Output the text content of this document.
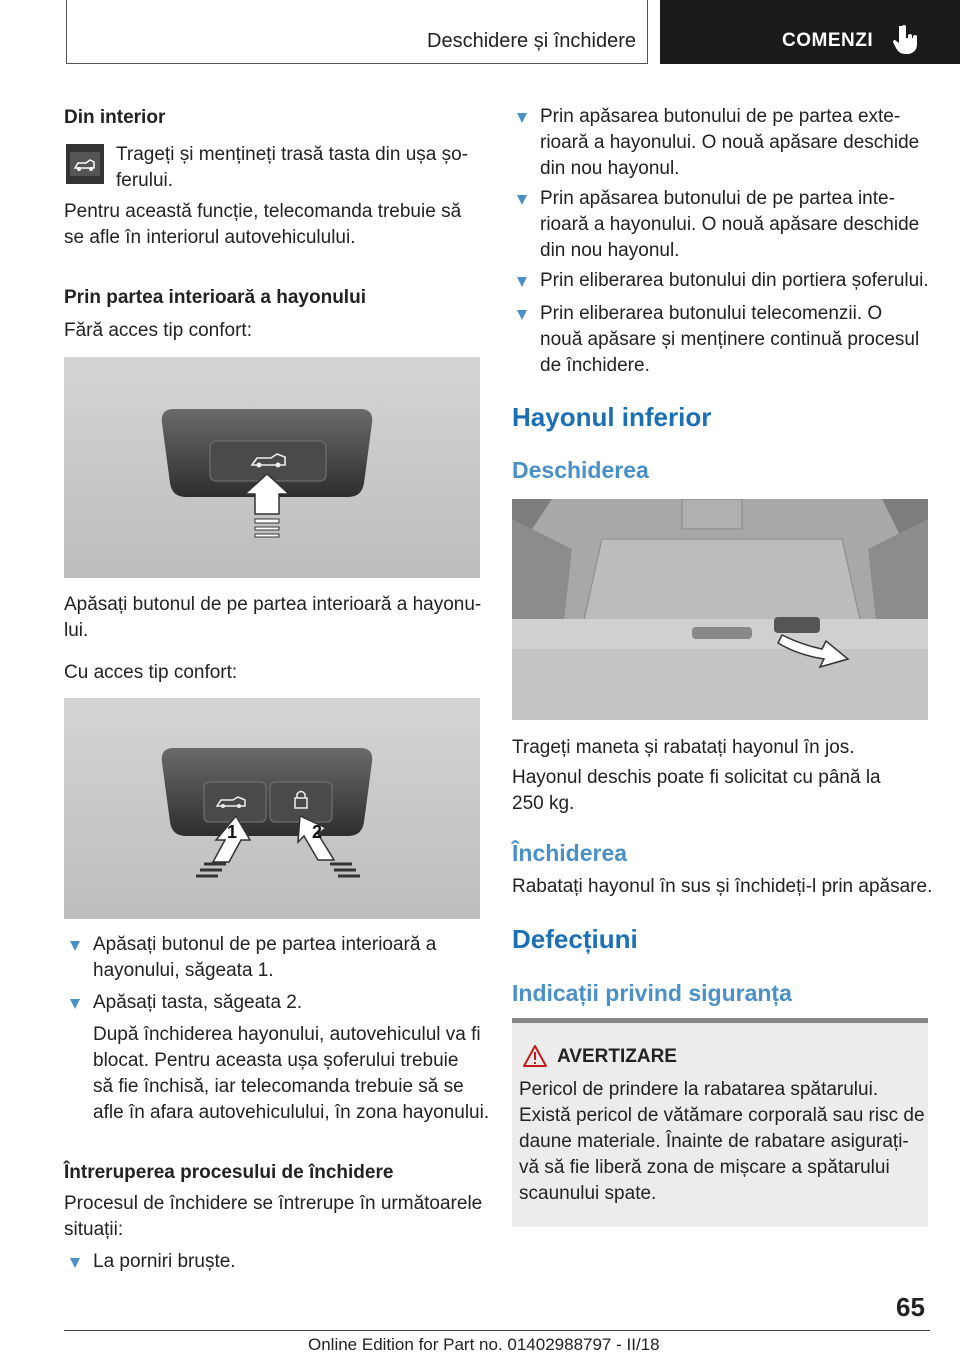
Deschidere și închidere	COMENZI
Din interior
Trageți și mențineți trasă tasta din ușa șo-
ferului.
Pentru această funcție, telecomanda trebuie să
se afle în interiorul autovehiculului.
Prin partea interioară a hayonului
Fără acces tip confort:
Apăsați butonul de pe partea interioară a hayonu-
lui.
Cu acces tip confort:
1	2
Apăsați butonul de pe partea interioară a
hayonului, săgeata 1.
Apăsați tasta, săgeata 2.
După închiderea hayonului, autovehiculul va fi
blocat. Pentru aceasta ușa șoferului trebuie
să fie închisă, iar telecomanda trebuie să se
afle în afara autovehiculului, în zona hayonului.
Întreruperea procesului de închidere
Procesul de închidere se întrerupe în următoarele
situații:
La porniri bruște.
Prin apăsarea butonului de pe partea exte-
rioară a hayonului. O nouă apăsare deschide
din nou hayonul.
Prin apăsarea butonului de pe partea inte-
rioară a hayonului. O nouă apăsare deschide
din nou hayonul.
Prin eliberarea butonului din portiera șoferului.
Prin eliberarea butonului telecomenzii. O
nouă apăsare și menținere continuă procesul
de închidere.
Hayonul inferior
Deschiderea
Trageți maneta și rabatați hayonul în jos.
Hayonul deschis poate fi solicitat cu până la
250 kg.
Închiderea
Rabatați hayonul în sus și închideți-l prin apăsare.
Defecțiuni
Indicații privind siguranța
AVERTIZARE
Pericol de prindere la rabatarea spătarului.
Există pericol de vătămare corporală sau risc de
daune materiale. Înainte de rabatare asigurați-
vă să fie liberă zona de mișcare a spătarului
scaunului spate.
65
Online Edition for Part no. 01402988797 - II/18
